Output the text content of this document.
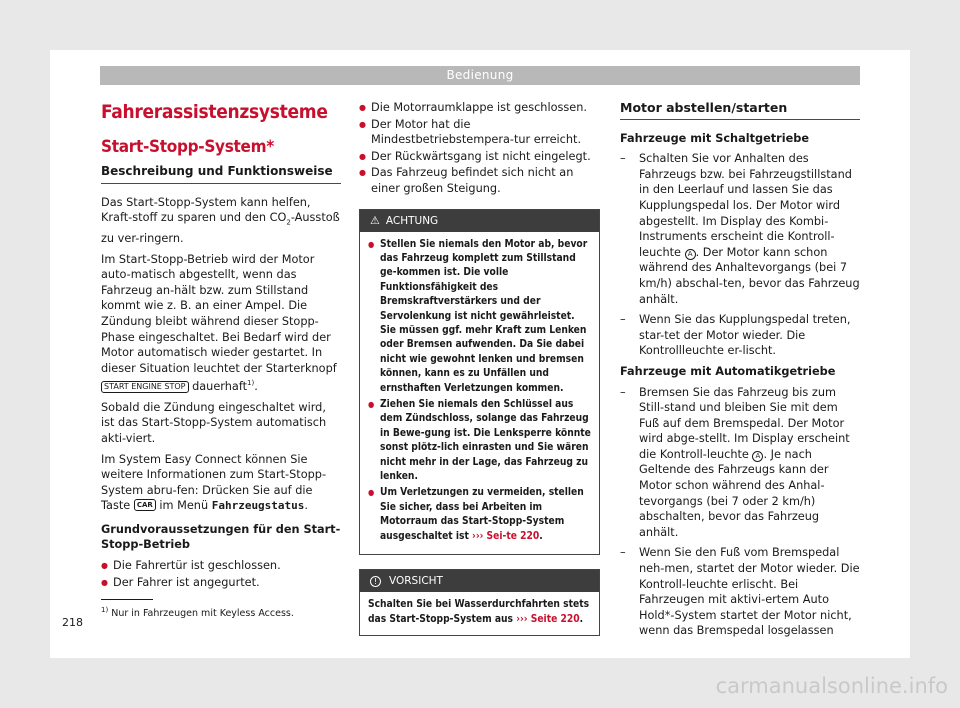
Bedienung
Fahrerassistenzsysteme
Start-Stopp-System*
Beschreibung und Funktionsweise

Das Start-Stopp-System kann helfen, Kraft-stoff zu sparen und den $CO_2$-Ausstoß zu ver-ringern.

Im Start-Stopp-Betrieb wird der Motor auto-matisch abgestellt, wenn das Fahrzeug an-hält bzw. zum Stillstand kommt wie z. B. an einer Ampel. Die Zündung bleibt während dieser Stopp-Phase eingeschaltet. Bei Bedarf wird der Motor automatisch wieder gestartet. In dieser Situation leuchtet der Starterknopf START ENGINE STOP dauerhaft$^{1)}$.

Sobald die Zündung eingeschaltet wird, ist das Start-Stopp-System automatisch akti-viert.

Im System Easy Connect können Sie weitere Informationen zum Start-Stopp-System abru-fen: Drücken Sie auf die Taste CAR im Menü Fahrzeugstatus.

Grundvoraussetzungen für den Start-Stopp-Betrieb

● Die Fahrertür ist geschlossen.
● Der Fahrer ist angegurtet.
● Die Motorraumklappe ist geschlossen.
● Der Motor hat die Mindestbetriebstempera-tur erreicht.
● Der Rückwärtsgang ist nicht eingelegt.
● Das Fahrzeug befindet sich nicht an einer großen Steigung.
⚠ ACHTUNG
● Stellen Sie niemals den Motor ab, bevor das Fahrzeug komplett zum Stillstand ge-kommen ist. Die volle Funktionsfähigkeit des Bremskraftverstärkers und der Servolenkung ist nicht gewährleistet. Sie müssen ggf. mehr Kraft zum Lenken oder Bremsen aufwenden. Da Sie dabei nicht wie gewohnt lenken und bremsen können, kann es zu Unfällen und ernsthaften Verletzungen kommen.
● Ziehen Sie niemals den Schlüssel aus dem Zündschloss, solange das Fahrzeug in Bewe-gung ist. Die Lenksperre könnte sonst plötz-lich einrasten und Sie wären nicht mehr in der Lage, das Fahrzeug zu lenken.
● Um Verletzungen zu vermeiden, stellen Sie sicher, dass bei Arbeiten im Motorraum das Start-Stopp-System ausgeschaltet ist ››› Sei-te 220.
! VORSICHT
Schalten Sie bei Wasserdurchfahrten stets das Start-Stopp-System aus ››› Seite 220.
Motor abstellen/starten

Fahrzeuge mit Schaltgetriebe

– Schalten Sie vor Anhalten des Fahrzeugs bzw. bei Fahrzeugstillstand in den Leerlauf und lassen Sie das Kupplungspedal los. Der Motor wird abgestellt. Im Display des Kombi-Instruments erscheint die Kontroll-leuchte A . Der Motor kann schon während des Anhaltevorgangs (bei 7 km/h) abschal-ten, bevor das Fahrzeug anhält.
– Wenn Sie das Kupplungspedal treten, star-tet der Motor wieder. Die Kontrollleuchte er-lischt.

Fahrzeuge mit Automatikgetriebe

– Bremsen Sie das Fahrzeug bis zum Still-stand und bleiben Sie mit dem Fuß auf dem Bremspedal. Der Motor wird abge-stellt. Im Display erscheint die Kontroll-leuchte A . Je nach Geltende des Fahrzeugs kann der Motor schon während des Anhal-tevorgangs (bei 7 oder 2 km/h) abschalten, bevor das Fahrzeug anhält.
– Wenn Sie den Fuß vom Bremspedal neh-men, startet der Motor wieder. Die Kontroll-leuchte erlischt. Bei Fahrzeugen mit aktivi-ertem Auto Hold*-System startet der Motor nicht, wenn das Bremspedal losgelassen
$^{1)}$ Nur in Fahrzeugen mit Keyless Access.
218
carmanualsonline.info
